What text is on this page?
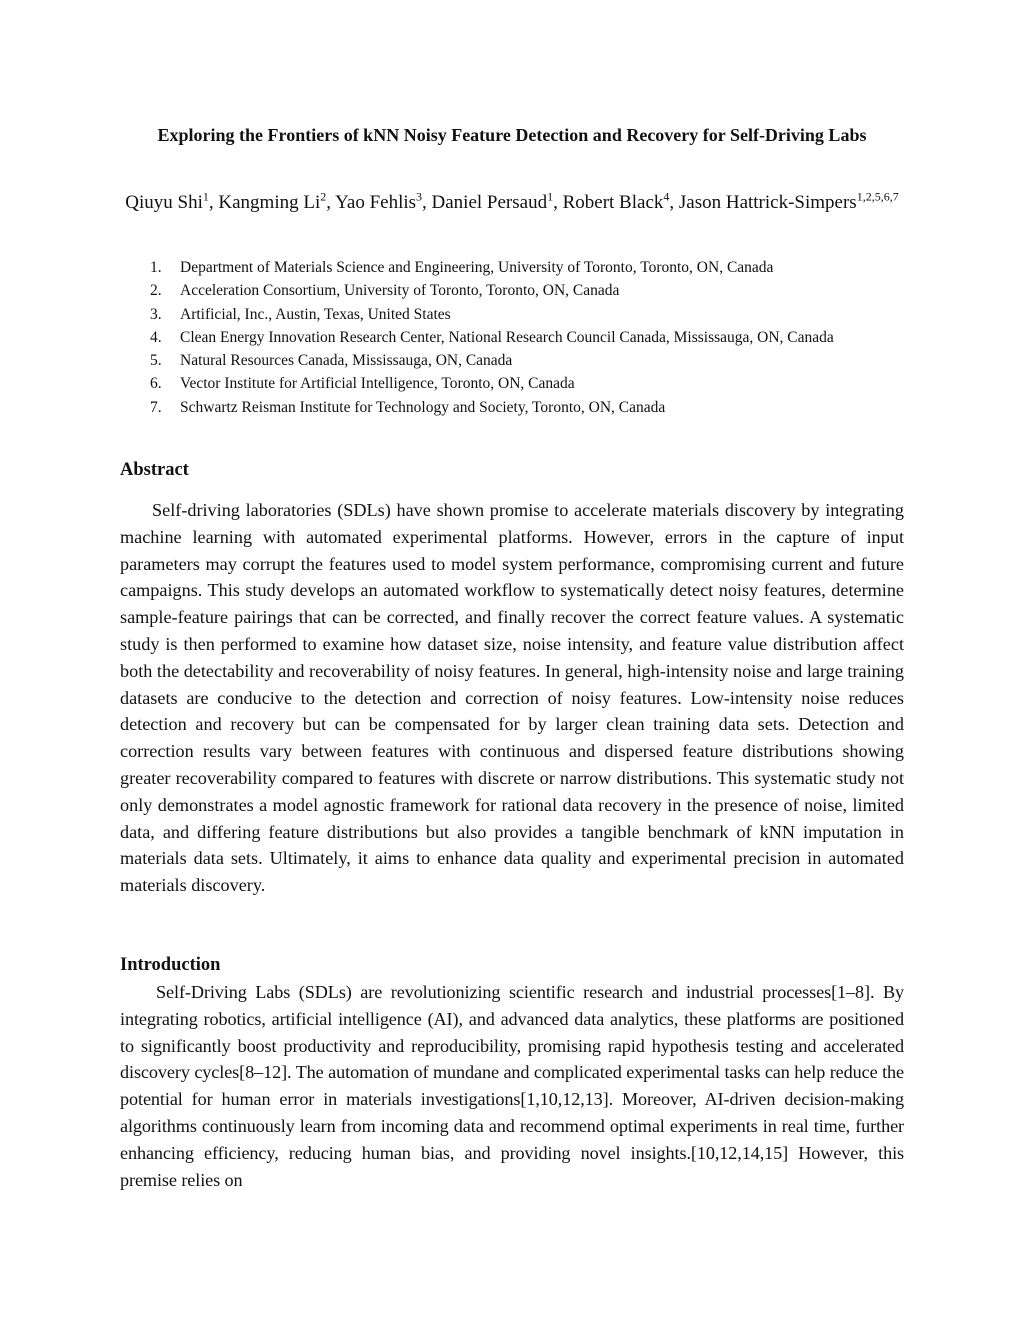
Exploring the Frontiers of kNN Noisy Feature Detection and Recovery for Self-Driving Labs
Qiuyu Shi$^1$, Kangming Li$^2$, Yao Fehlis$^3$, Daniel Persaud$^1$, Robert Black$^4$, Jason Hattrick-Simpers$^{1,2,5,6,7}$
1. Department of Materials Science and Engineering, University of Toronto, Toronto, ON, Canada
2. Acceleration Consortium, University of Toronto, Toronto, ON, Canada
3. Artificial, Inc., Austin, Texas, United States
4. Clean Energy Innovation Research Center, National Research Council Canada, Mississauga, ON, Canada
5. Natural Resources Canada, Mississauga, ON, Canada
6. Vector Institute for Artificial Intelligence, Toronto, ON, Canada
7. Schwartz Reisman Institute for Technology and Society, Toronto, ON, Canada
Abstract

Self-driving laboratories (SDLs) have shown promise to accelerate materials discovery by integrating machine learning with automated experimental platforms. However, errors in the capture of input parameters may corrupt the features used to model system performance, compromising current and future campaigns. This study develops an automated workflow to systematically detect noisy features, determine sample-feature pairings that can be corrected, and finally recover the correct feature values. A systematic study is then performed to examine how dataset size, noise intensity, and feature value distribution affect both the detectability and recoverability of noisy features. In general, high-intensity noise and large training datasets are conducive to the detection and correction of noisy features. Low-intensity noise reduces detection and recovery but can be compensated for by larger clean training data sets. Detection and correction results vary between features with continuous and dispersed feature distributions showing greater recoverability compared to features with discrete or narrow distributions. This systematic study not only demonstrates a model agnostic framework for rational data recovery in the presence of noise, limited data, and differing feature distributions but also provides a tangible benchmark of kNN imputation in materials data sets. Ultimately, it aims to enhance data quality and experimental precision in automated materials discovery.

Introduction

Self-Driving Labs (SDLs) are revolutionizing scientific research and industrial processes[1–8]. By integrating robotics, artificial intelligence (AI), and advanced data analytics, these platforms are positioned to significantly boost productivity and reproducibility, promising rapid hypothesis testing and accelerated discovery cycles[8–12]. The automation of mundane and complicated experimental tasks can help reduce the potential for human error in materials investigations[1,10,12,13]. Moreover, AI-driven decision-making algorithms continuously learn from incoming data and recommend optimal experiments in real time, further enhancing efficiency, reducing human bias, and providing novel insights.[10,12,14,15] However, this premise relies on
